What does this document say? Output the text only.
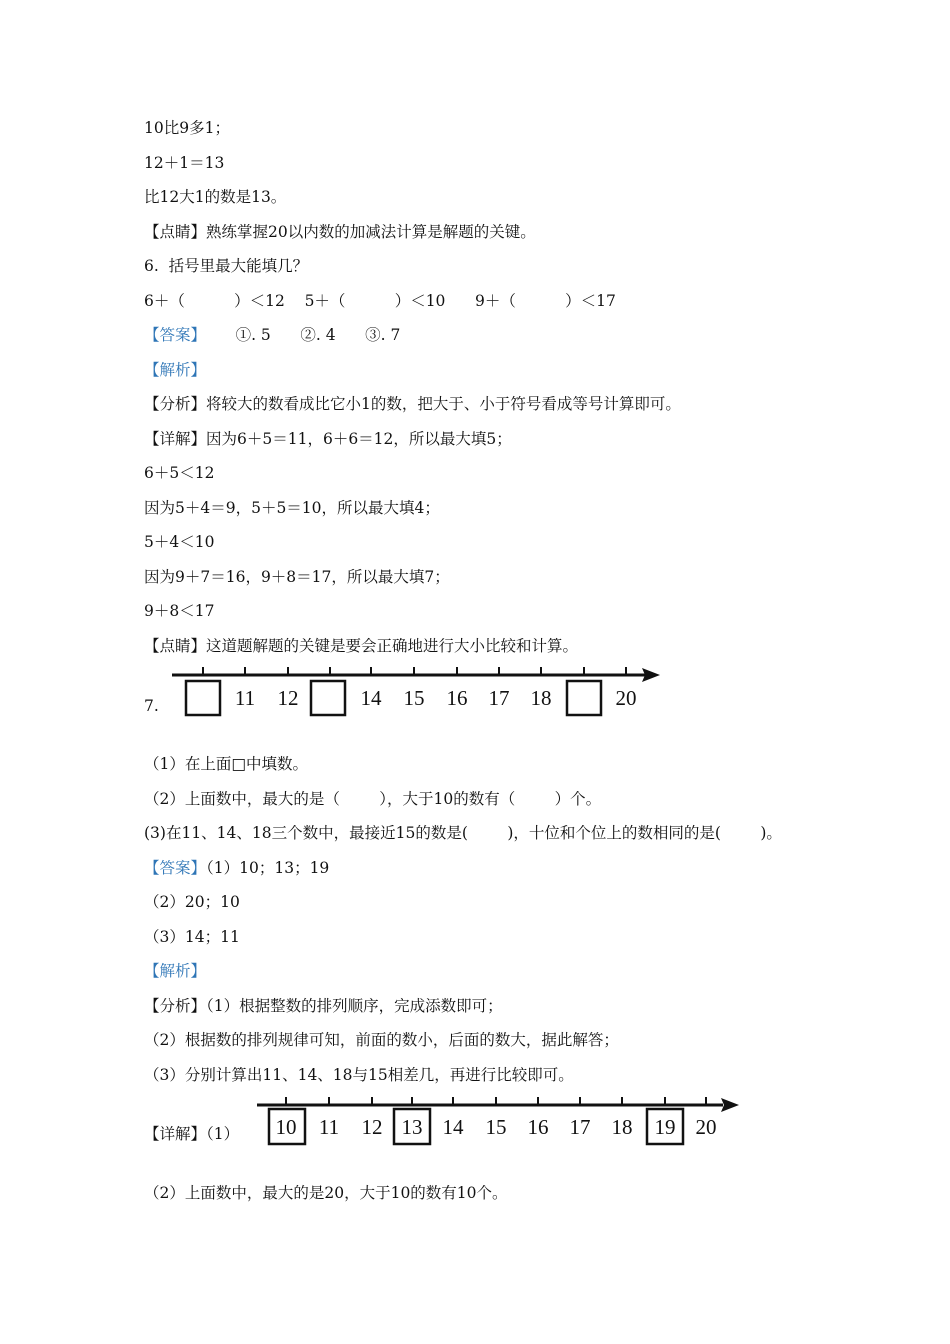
10比9多1；
12＋1＝13
比12大1的数是13。
【点睛】熟练掌握20以内数的加减法计算是解题的关键。
6.  括号里最大能填几？
6＋（          ）＜12    5＋（          ）＜10      9＋（          ）＜17
【答案】      ①. 5      ②. 4      ③. 7
【解析】
【分析】将较大的数看成比它小1的数，把大于、小于符号看成等号计算即可。
【详解】因为6＋5＝11，6＋6＝12，所以最大填5；
6＋5＜12
因为5＋4＝9，5＋5＝10，所以最大填4；
5＋4＜10
因为9＋7＝16，9＋8＝17，所以最大填7；
9＋8＜17
【点睛】这道题解题的关键是要会正确地进行大小比较和计算。
7.	11 12	14 15 16 17 18	20
（1）在上面□中填数。
（2）上面数中，最大的是（        ），大于10的数有（        ）个。
(3)在11、14、18三个数中，最接近15的数是(        )，十位和个位上的数相同的是(        )。
【答案】（1）10；13；19
（2）20；10
（3）14；11
【解析】
【分析】（1）根据整数的排列顺序，完成添数即可；
（2）根据数的排列规律可知，前面的数小，后面的数大，据此解答；
（3）分别计算出11、14、18与15相差几，再进行比较即可。
【详解】（1） 10 11 12 13 14 15 16 17 18 19 20
（2）上面数中，最大的是20，大于10的数有10个。
